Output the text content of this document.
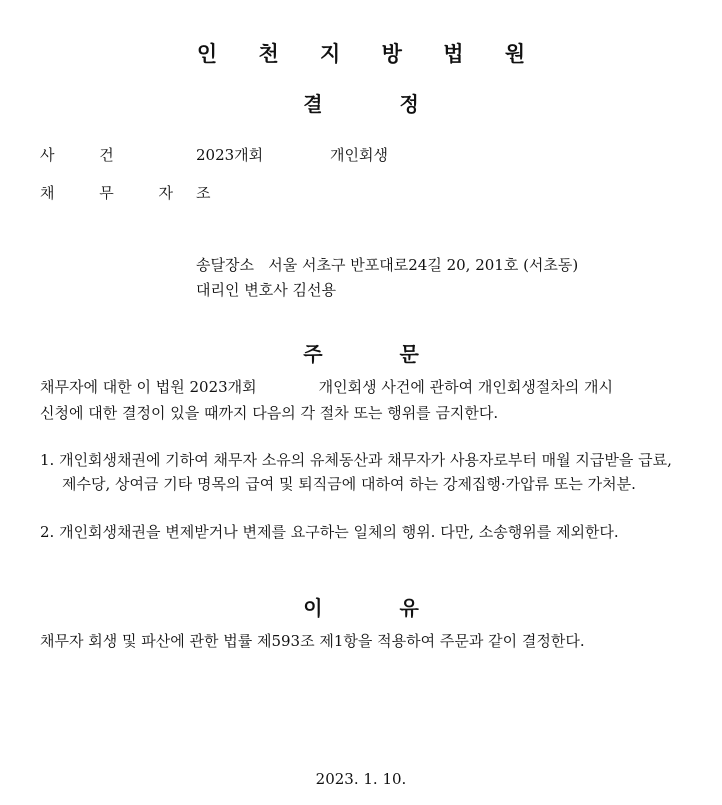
인 천 지 방 법 원
결 정
사 건	2023개회	개인회생
채 무 자 조
송달장소 서울 서초구 반포대로24길 20, 201호 (서초동)
대리인 변호사 김선용
주 문
채무자에 대한 이 법원 2023개회	개인회생 사건에 관하여 개인회생절차의 개시
신청에 대한 결정이 있을 때까지 다음의 각 절차 또는 행위를 금지한다.
1. 개인회생채권에 기하여 채무자 소유의 유체동산과 채무자가 사용자로부터 매월 지급받을 급료, 제수당, 상여금 기타 명목의 급여 및 퇴직금에 대하여 하는 강제집행·가압류 또는 가처분.
2. 개인회생채권을 변제받거나 변제를 요구하는 일체의 행위. 다만, 소송행위를 제외한다.
이 유
채무자 회생 및 파산에 관한 법률 제593조 제1항을 적용하여 주문과 같이 결정한다.
2023. 1. 10.
